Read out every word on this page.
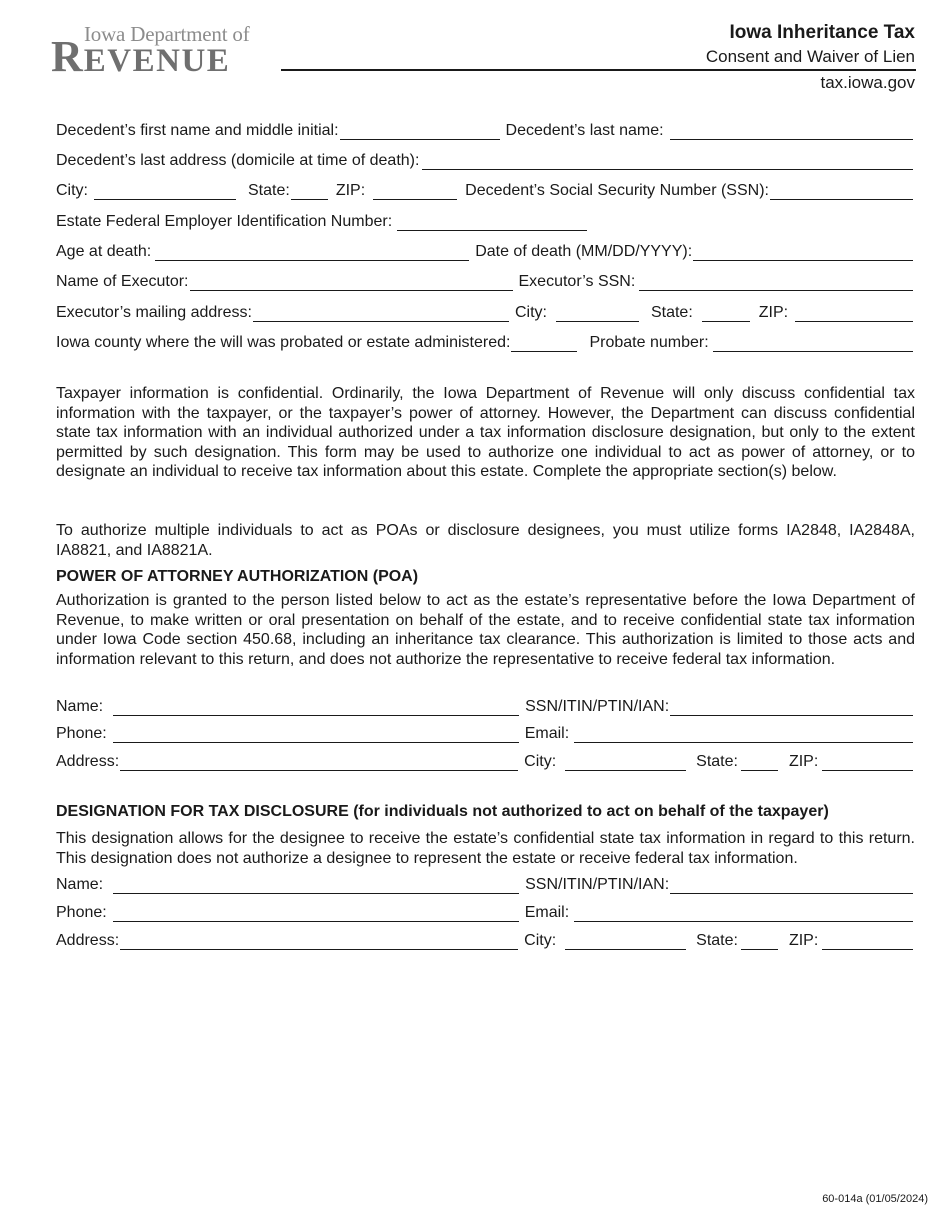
Iowa Department of
REVENUE
Iowa Inheritance Tax
Consent and Waiver of Lien
tax.iowa.gov
Decedent’s first name and middle initial:	Decedent’s last name:
Decedent’s last address (domicile at time of death):
City:	State:	ZIP:	Decedent’s Social Security Number (SSN):
Estate Federal Employer Identification Number:
Age at death:	Date of death (MM/DD/YYYY):
Name of Executor:	Executor’s SSN:
Executor’s mailing address:	City:	State:	ZIP:
Iowa county where the will was probated or estate administered:	Probate number:
Taxpayer information is confidential. Ordinarily, the Iowa Department of Revenue will only discuss confidential tax information with the taxpayer, or the taxpayer’s power of attorney. However, the Department can discuss confidential state tax information with an individual authorized under a tax information disclosure designation, but only to the extent permitted by such designation. This form may be used to authorize one individual to act as power of attorney, or to designate an individual to receive tax information about this estate. Complete the appropriate section(s) below.
To authorize multiple individuals to act as POAs or disclosure designees, you must utilize forms IA2848, IA2848A, IA8821, and IA8821A.
POWER OF ATTORNEY AUTHORIZATION (POA)
Authorization is granted to the person listed below to act as the estate’s representative before the Iowa Department of Revenue, to make written or oral presentation on behalf of the estate, and to receive confidential state tax information under Iowa Code section 450.68, including an inheritance tax clearance. This authorization is limited to those acts and information relevant to this return, and does not authorize the representative to receive federal tax information.
Name:	SSN/ITIN/PTIN/IAN:
Phone:	Email:
Address:	City:	State:	ZIP:
DESIGNATION FOR TAX DISCLOSURE (for individuals not authorized to act on behalf of the taxpayer)
This designation allows for the designee to receive the estate’s confidential state tax information in regard to this return. This designation does not authorize a designee to represent the estate or receive federal tax information.
Name:	SSN/ITIN/PTIN/IAN:
Phone:	Email:
Address:	City:	State:	ZIP:
60-014a (01/05/2024)
